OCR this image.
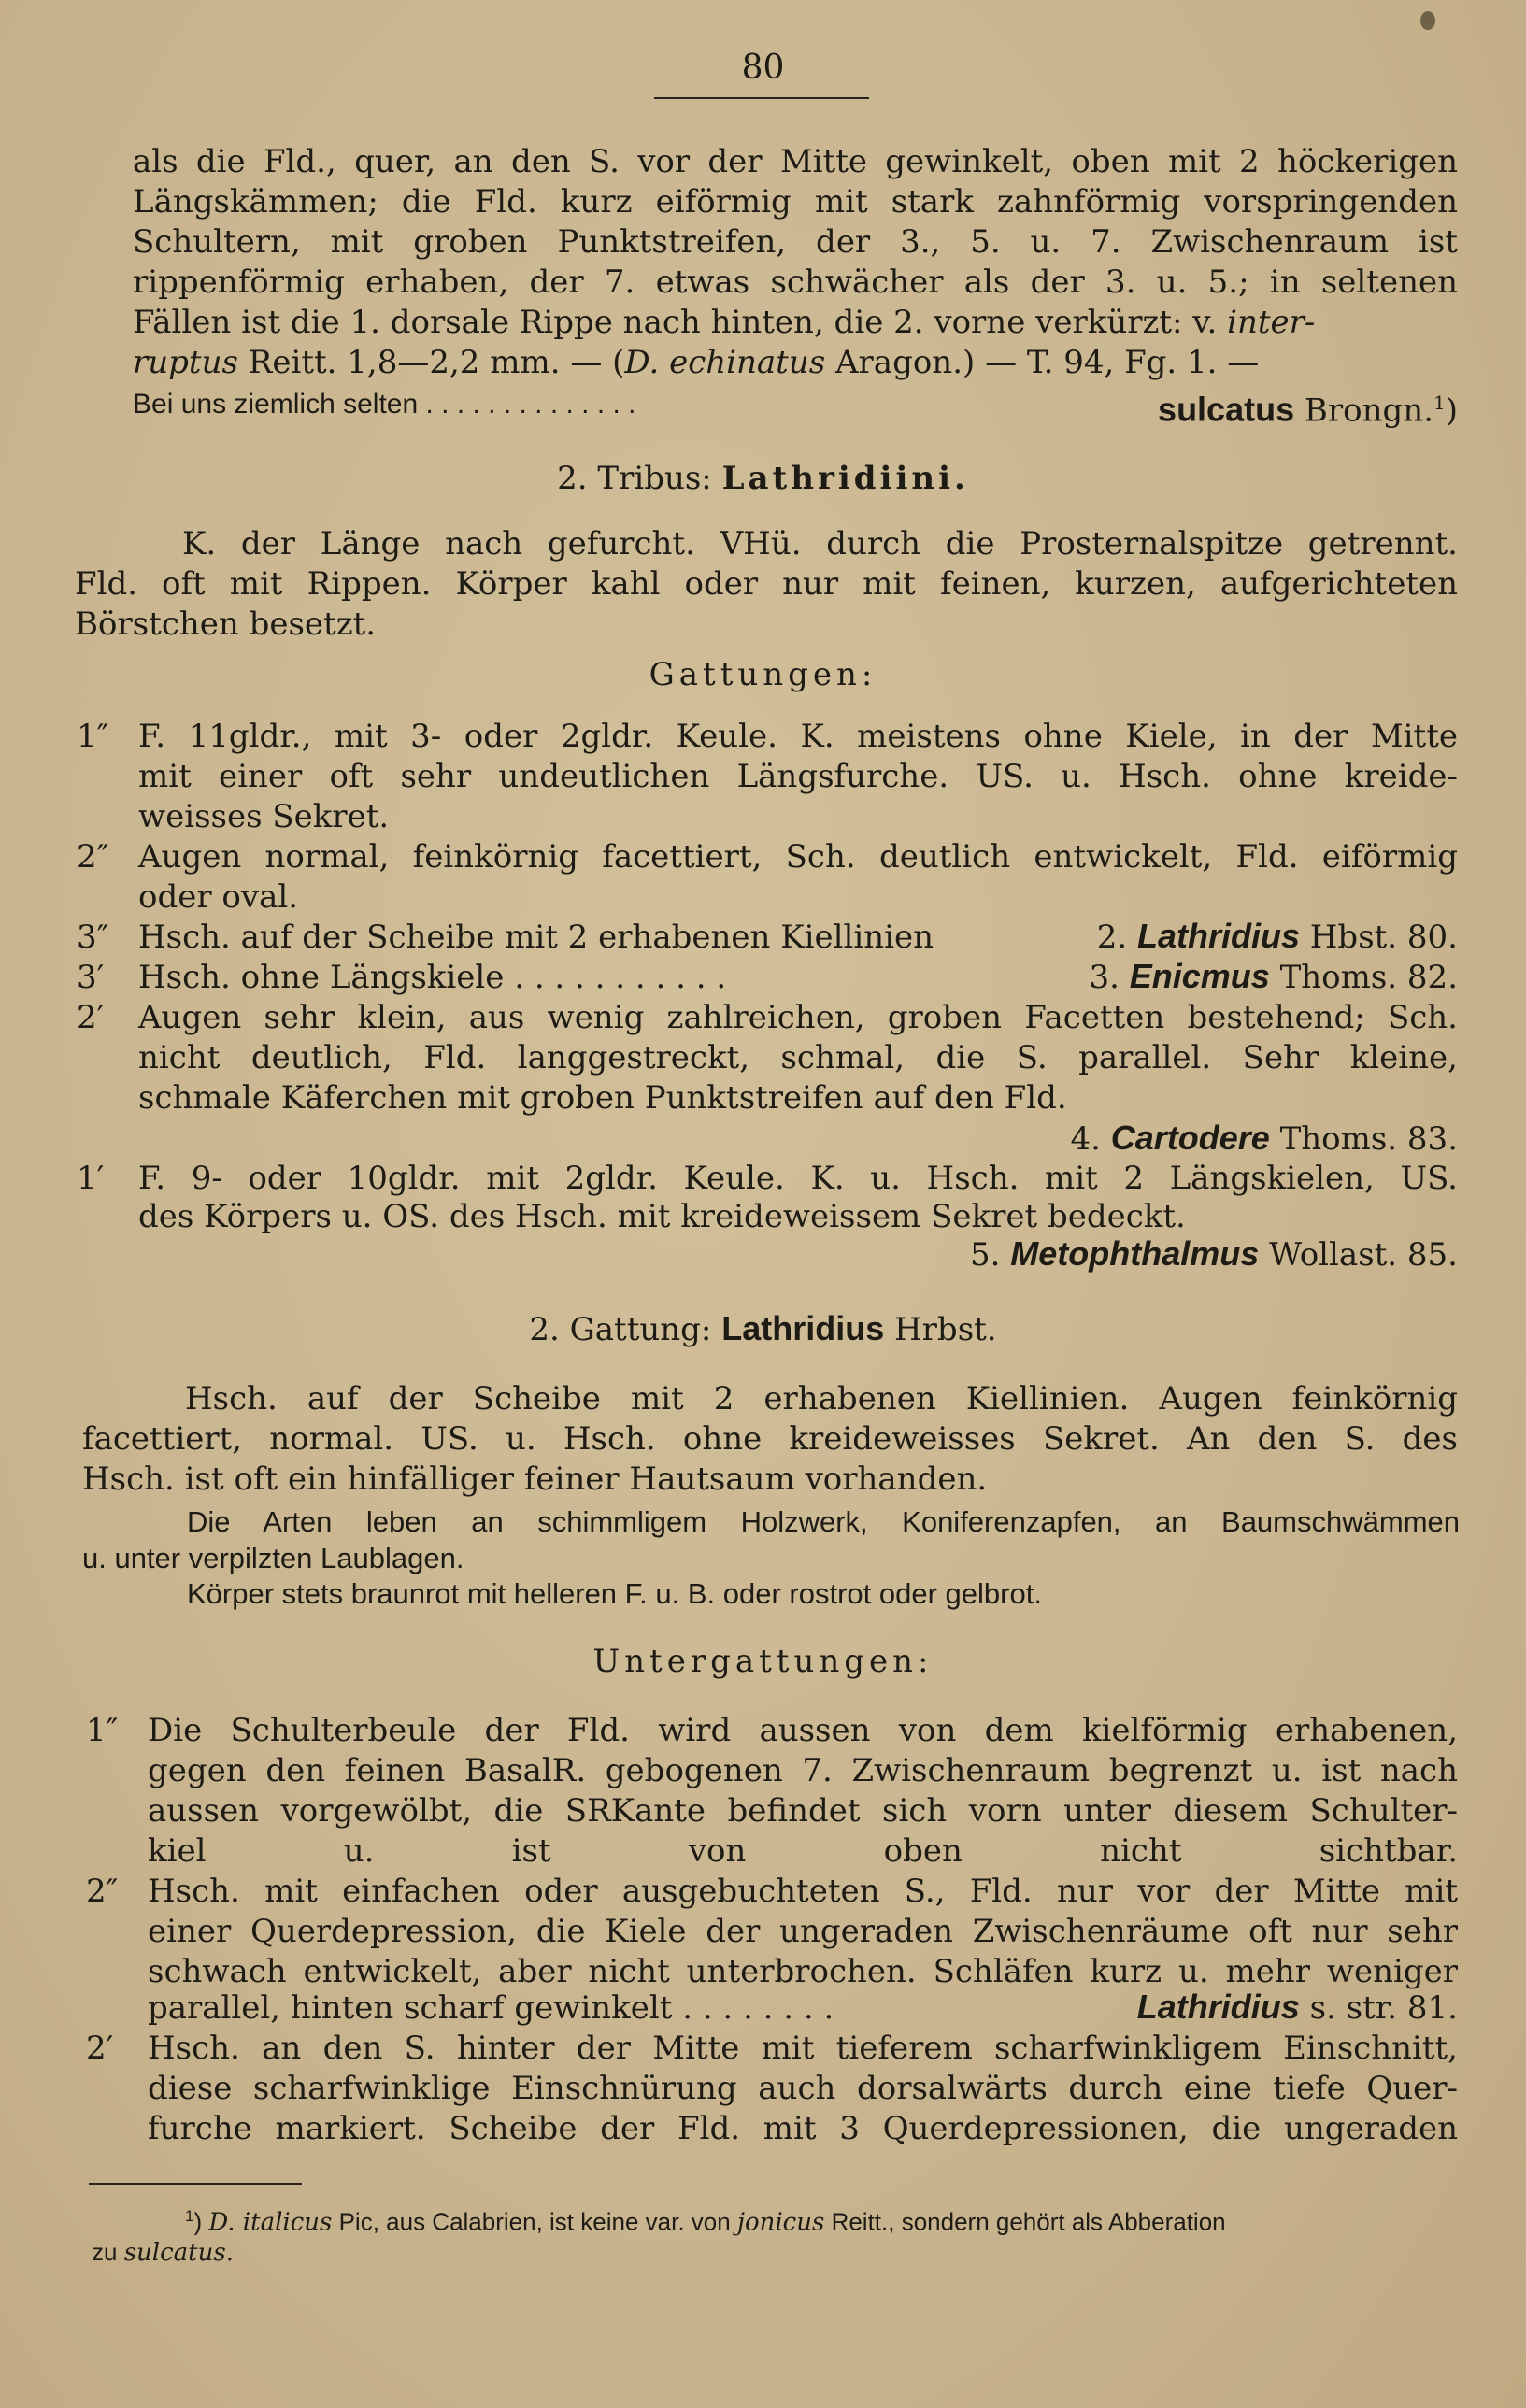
80
als die Fld., quer, an den S. vor der Mitte gewinkelt, oben mit 2 höckerigen
Längskämmen; die Fld. kurz eiförmig mit stark zahnförmig vorspringenden
Schultern, mit groben Punktstreifen, der 3., 5. u. 7. Zwischenraum ist
rippenförmig erhaben, der 7. etwas schwächer als der 3. u. 5.; in seltenen
Fällen ist die 1. dorsale Rippe nach hinten, die 2. vorne verkürzt: v. inter-
ruptus Reitt. 1,8—2,2 mm. — (D. echinatus Aragon.) — T. 94, Fg. 1. —
Bei uns ziemlich selten . . . . . . . . . . . . . .	sulcatus Brongn.$^1$)
2. Tribus: Lathridiini.
K. der Länge nach gefurcht. VHü. durch die Prosternalspitze getrennt.
Fld. oft mit Rippen. Körper kahl oder nur mit feinen, kurzen, aufgerichteten
Börstchen besetzt.
Gattungen:
1″ F. 11gldr., mit 3- oder 2gldr. Keule. K. meistens ohne Kiele, in der Mitte
mit einer oft sehr undeutlichen Längsfurche. US. u. Hsch. ohne kreide-
weisses Sekret.
2″ Augen normal, feinkörnig facettiert, Sch. deutlich entwickelt, Fld. eiförmig
oder oval.
3″ Hsch. auf der Scheibe mit 2 erhabenen Kiellinien	2. Lathridius Hbst. 80.
3′ Hsch. ohne Längskiele . . . . . . . . . . .	3. Enicmus Thoms. 82.
2′ Augen sehr klein, aus wenig zahlreichen, groben Facetten bestehend; Sch.
nicht deutlich, Fld. langgestreckt, schmal, die S. parallel. Sehr kleine,
schmale Käferchen mit groben Punktstreifen auf den Fld.
4. Cartodere Thoms. 83.
1′ F. 9- oder 10gldr. mit 2gldr. Keule. K. u. Hsch. mit 2 Längskielen, US.
des Körpers u. OS. des Hsch. mit kreideweissem Sekret bedeckt.
5. Metophthalmus Wollast. 85.
2. Gattung: Lathridius Hrbst.
Hsch. auf der Scheibe mit 2 erhabenen Kiellinien. Augen feinkörnig
facettiert, normal. US. u. Hsch. ohne kreideweisses Sekret. An den S. des
Hsch. ist oft ein hinfälliger feiner Hautsaum vorhanden.
Die Arten leben an schimmligem Holzwerk, Koniferenzapfen, an Baumschwämmen
u. unter verpilzten Laublagen.
Körper stets braunrot mit helleren F. u. B. oder rostrot oder gelbrot.
Untergattungen:
1″ Die Schulterbeule der Fld. wird aussen von dem kielförmig erhabenen,
gegen den feinen BasalR. gebogenen 7. Zwischenraum begrenzt u. ist nach
aussen vorgewölbt, die SRKante befindet sich vorn unter diesem Schulter-
kiel u. ist von oben nicht sichtbar.
2″ Hsch. mit einfachen oder ausgebuchteten S., Fld. nur vor der Mitte mit
einer Querdepression, die Kiele der ungeraden Zwischenräume oft nur sehr
schwach entwickelt, aber nicht unterbrochen. Schläfen kurz u. mehr weniger
parallel, hinten scharf gewinkelt . . . . . . . .	Lathridius s. str. 81.
2′ Hsch. an den S. hinter der Mitte mit tieferem scharfwinkligem Einschnitt,
diese scharfwinklige Einschnürung auch dorsalwärts durch eine tiefe Quer-
furche markiert. Scheibe der Fld. mit 3 Querdepressionen, die ungeraden
$^1$) D. italicus Pic, aus Calabrien, ist keine var. von jonicus Reitt., sondern gehört als Abberation
zu sulcatus.
